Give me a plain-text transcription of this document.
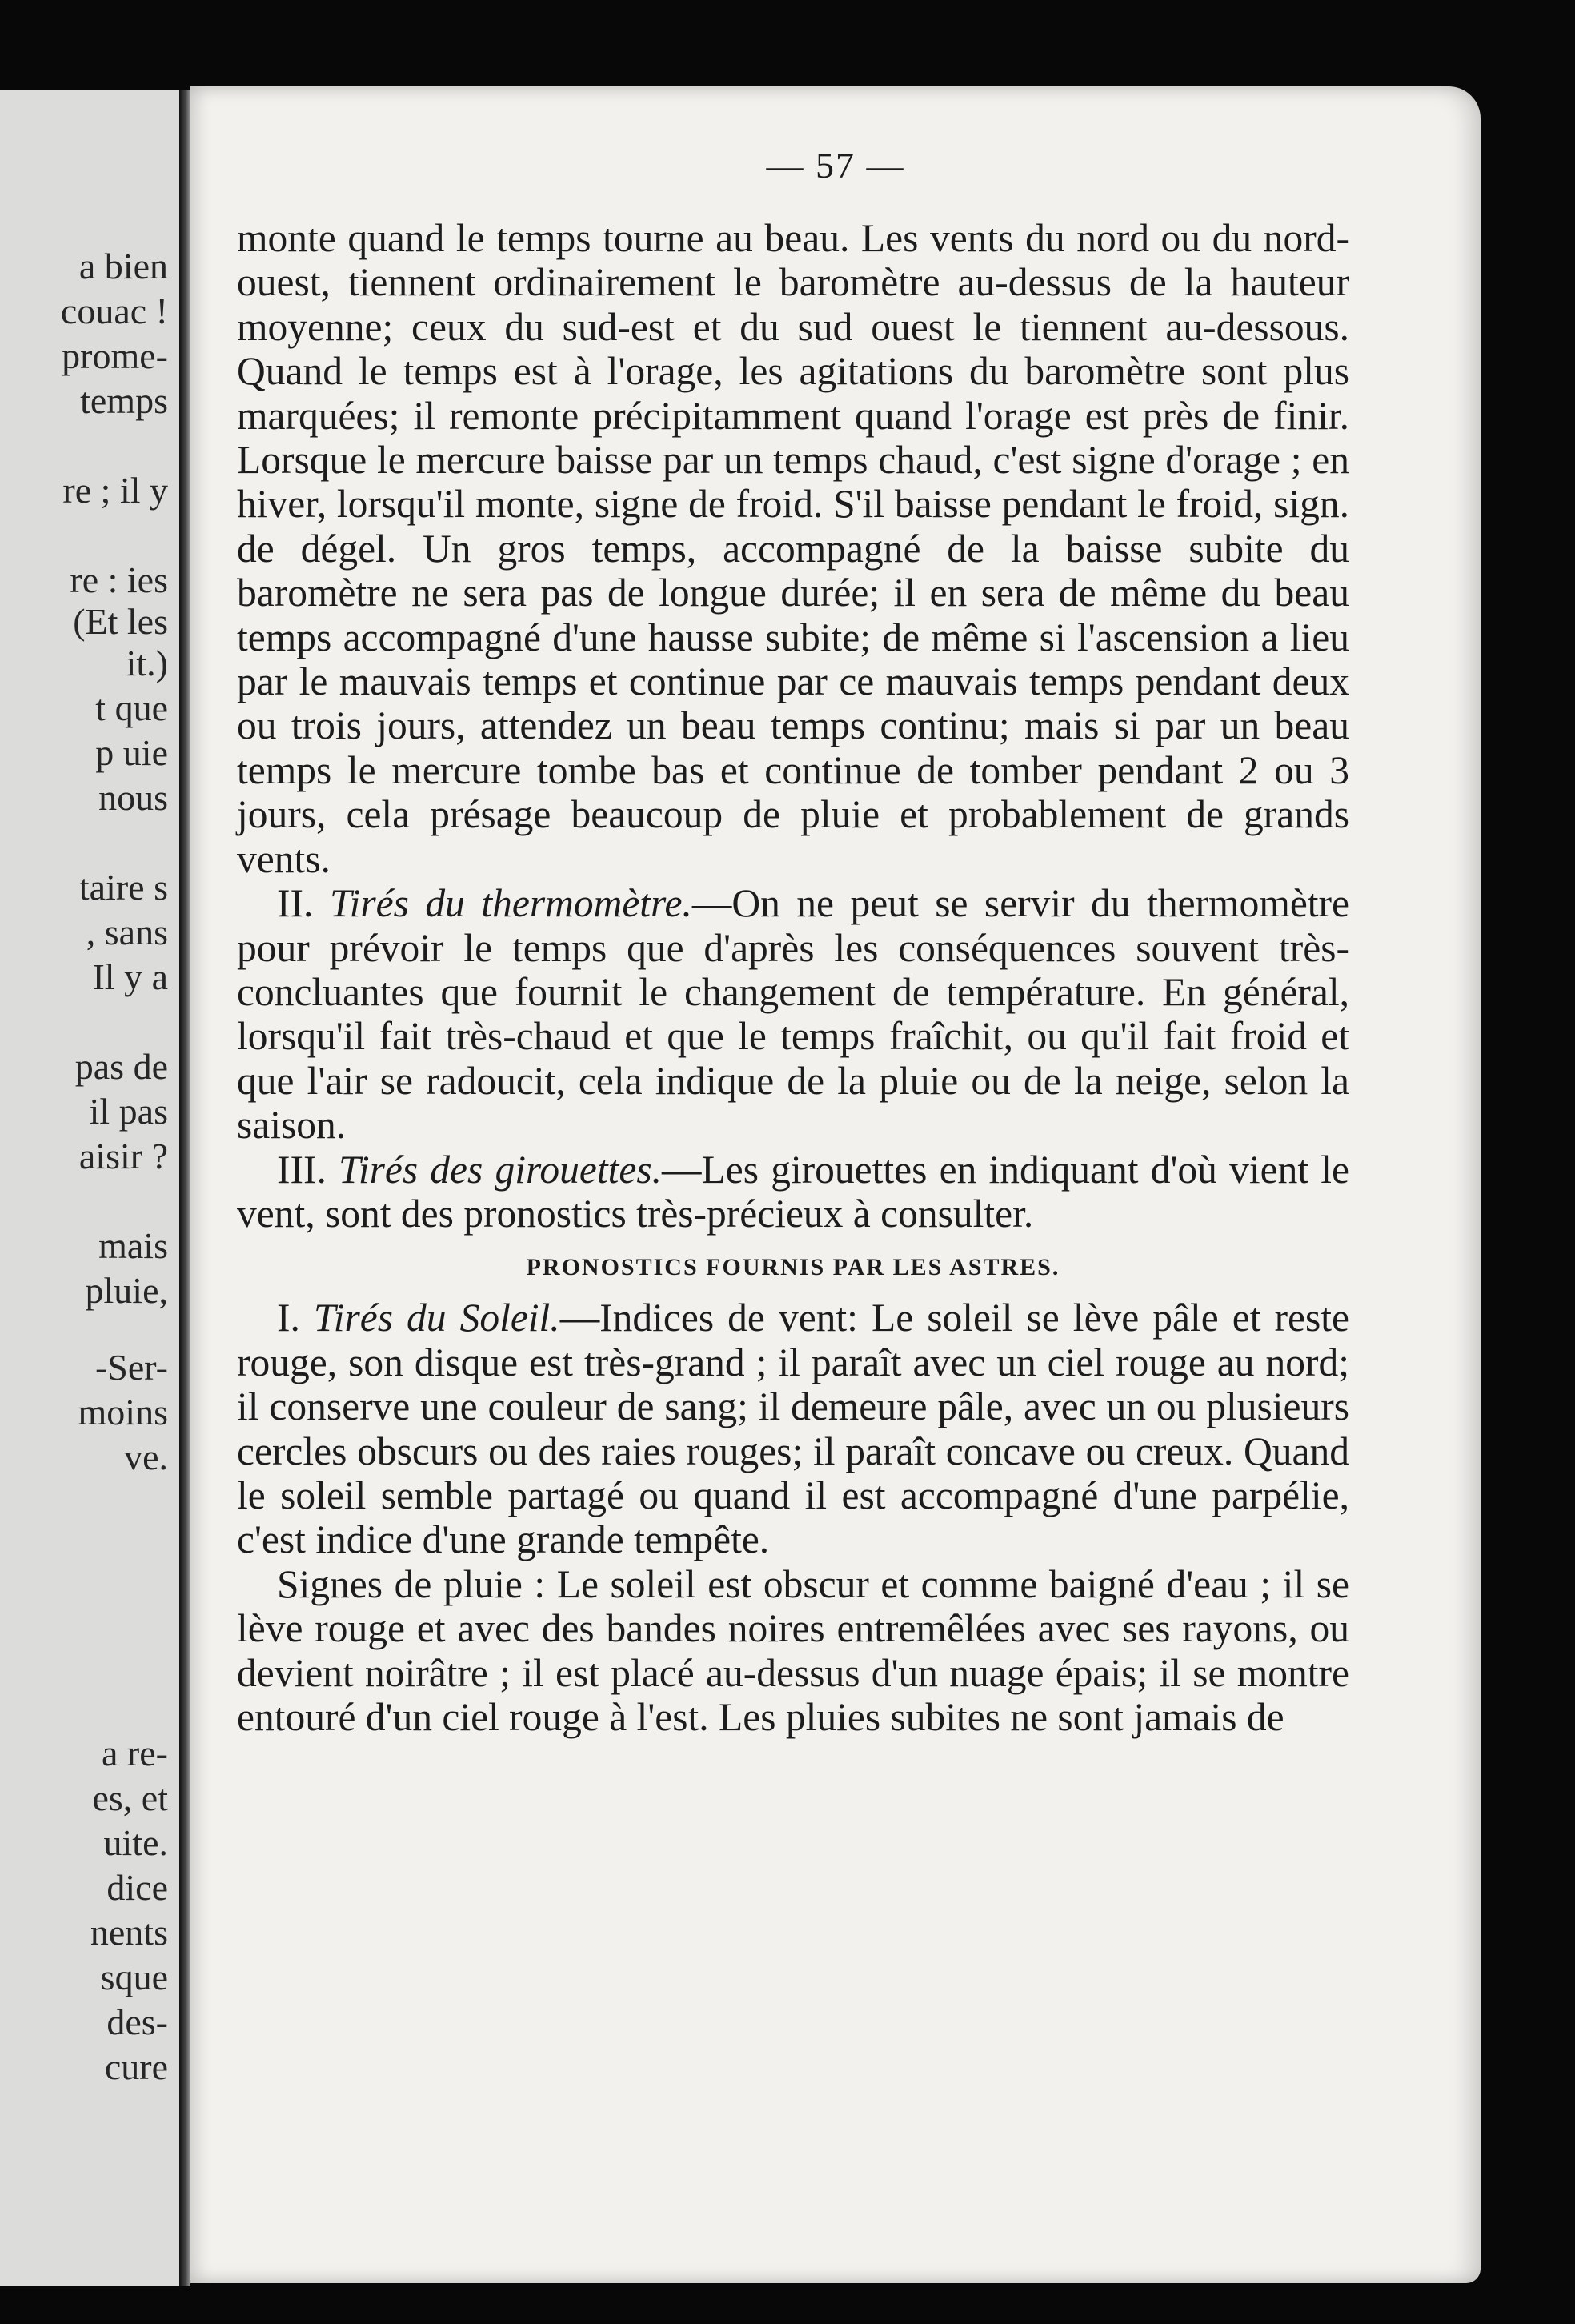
a bien
couac !
prome-
temps
re ; il y
re : ies
(Et les
it.)
t que
p uie
nous
taire s
, sans
Il y a
pas de
il pas
aisir ?
mais
pluie,
-Ser-
moins
ve.
a re-
es, et
uite.
dice
nents
sque
des-
cure
— 57 —

monte quand le temps tourne au beau. Les vents du nord ou du nord-ouest, tiennent ordinairement le baromètre au-dessus de la hauteur moyenne; ceux du sud-est et du sud ouest le tiennent au-dessous. Quand le temps est à l'orage, les agitations du baromètre sont plus marquées; il remonte précipitamment quand l'orage est près de finir. Lorsque le mercure baisse par un temps chaud, c'est signe d'orage ; en hiver, lorsqu'il monte, signe de froid. S'il baisse pendant le froid, sign. de dégel. Un gros temps, accompagné de la baisse subite du baromètre ne sera pas de longue durée; il en sera de même du beau temps accompagné d'une hausse subite; de même si l'ascension a lieu par le mauvais temps et continue par ce mauvais temps pendant deux ou trois jours, attendez un beau temps continu; mais si par un beau temps le mercure tombe bas et continue de tomber pendant 2 ou 3 jours, cela présage beaucoup de pluie et probablement de grands vents.

II. Tirés du thermomètre.—On ne peut se servir du thermomètre pour prévoir le temps que d'après les conséquences souvent très-concluantes que fournit le changement de température. En général, lorsqu'il fait très-chaud et que le temps fraîchit, ou qu'il fait froid et que l'air se radoucit, cela indique de la pluie ou de la neige, selon la saison.

III. Tirés des girouettes.—Les girouettes en indiquant d'où vient le vent, sont des pronostics très-précieux à consulter.

PRONOSTICS FOURNIS PAR LES ASTRES.

I. Tirés du Soleil.—Indices de vent: Le soleil se lève pâle et reste rouge, son disque est très-grand ; il paraît avec un ciel rouge au nord; il conserve une couleur de sang; il demeure pâle, avec un ou plusieurs cercles obscurs ou des raies rouges; il paraît concave ou creux. Quand le soleil semble partagé ou quand il est accompagné d'une parpélie, c'est indice d'une grande tempête.

Signes de pluie : Le soleil est obscur et comme baigné d'eau ; il se lève rouge et avec des bandes noires entremêlées avec ses rayons, ou devient noirâtre ; il est placé au-dessus d'un nuage épais; il se montre entouré d'un ciel rouge à l'est. Les pluies subites ne sont jamais de
